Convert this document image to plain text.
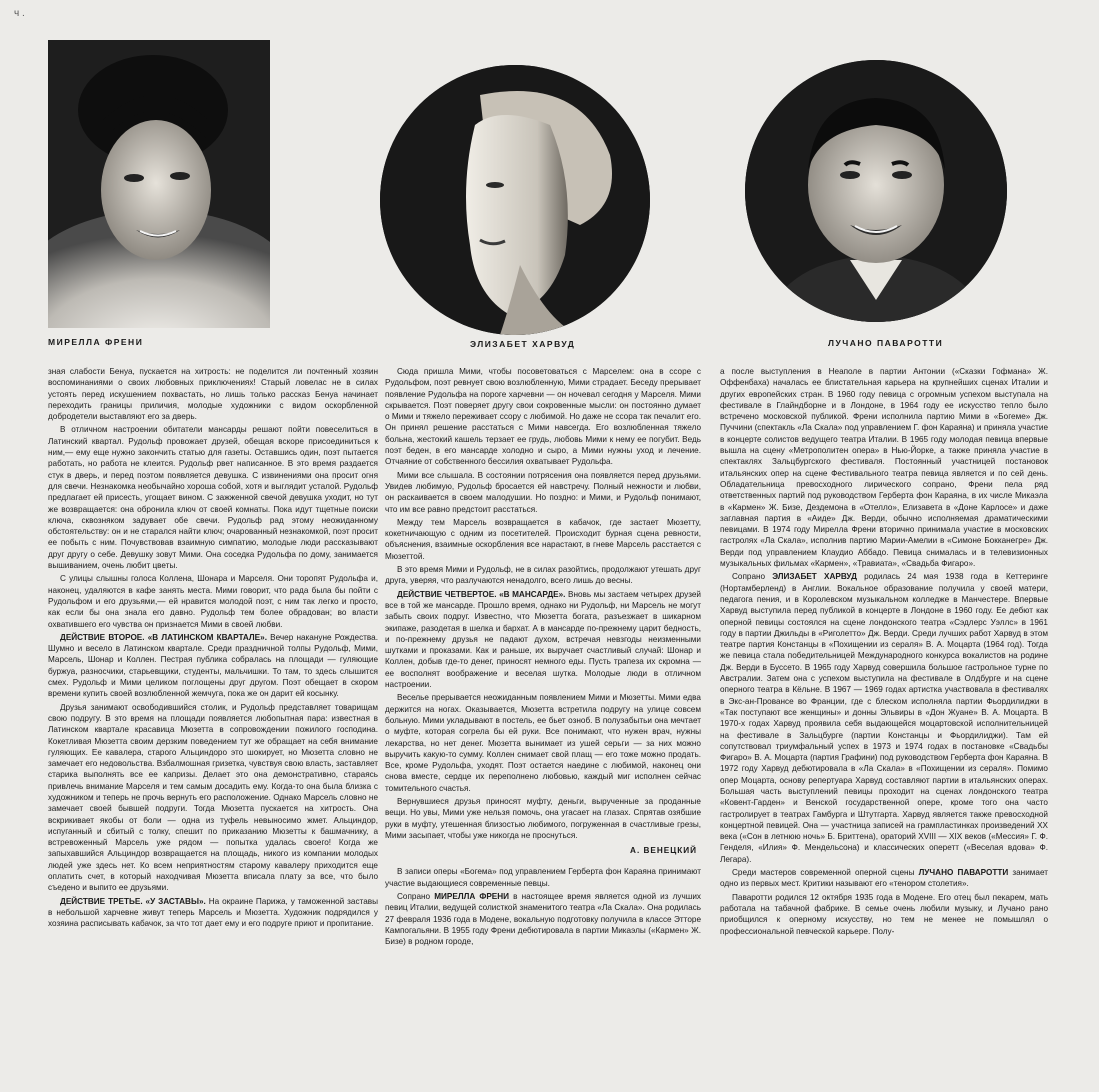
ч .
МИРЕЛЛА ФРЕНИ	ЭЛИЗАБЕТ ХАРВУД	ЛУЧАНО ПАВАРОТТИ

зная слабости Бенуа, пускается на хитрость: не поделится ли почтенный хозяин воспоминаниями о своих любовных приключениях! Старый ловелас не в силах устоять перед искушением похвастать, но лишь только рассказ Бенуа начинает переходить границы приличия, молодые художники с видом оскорбленной добродетели выставляют его за дверь.

В отличном настроении обитатели мансарды решают пойти повеселиться в Латинский квартал. Рудольф провожает друзей, обещая вскоре присоединиться к ним,— ему еще нужно закончить статью для газеты. Оставшись один, поэт пытается работать, но работа не клеится. Рудольф рвет написанное. В это время раздается стук в дверь, и перед поэтом появляется девушка. С извинениями она просит огня для свечи. Незнакомка необычайно хороша собой, хотя и выглядит усталой. Рудольф предлагает ей присесть, угощает вином. С зажженной свечой девушка уходит, но тут же возвращается: она обронила ключ от своей комнаты. Пока идут тщетные поиски ключа, сквозняком задувает обе свечи. Рудольф рад этому неожиданному обстоятельству: он и не старался найти ключ; очарованный незнакомкой, поэт просит ее побыть с ним. Почувствовав взаимную симпатию, молодые люди рассказывают друг другу о себе. Девушку зовут Мими. Она соседка Рудольфа по дому, занимается вышиванием, очень любит цветы.

С улицы слышны голоса Коллена, Шонара и Марселя. Они торопят Рудольфа и, наконец, удаляются в кафе занять места. Мими говорит, что рада была бы пойти с Рудольфом и его друзьями,— ей нравится молодой поэт, с ним так легко и просто, как если бы она знала его давно. Рудольф тем более обрадован; во власти охватившего его чувства он признается Мими в своей любви.

ДЕЙСТВИЕ ВТОРОЕ. «В ЛАТИНСКОМ КВАРТАЛЕ». Вечер накануне Рождества. Шумно и весело в Латинском квартале. Среди праздничной толпы Рудольф, Мими, Марсель, Шонар и Коллен. Пестрая публика собралась на площади — гуляющие буржуа, разносчики, старьевщики, студенты, мальчишки. То там, то здесь слышится смех. Рудольф и Мими целиком поглощены друг другом. Поэт обещает в скором времени купить своей возлюбленной жемчуга, пока же он дарит ей косынку.

Друзья занимают освободившийся столик, и Рудольф представляет товарищам свою подругу. В это время на площади появляется любопытная пара: известная в Латинском квартале красавица Мюзетта в сопровождении пожилого господина. Кокетливая Мюзетта своим дерзким поведением тут же обращает на себя внимание гуляющих. Ее кавалера, старого Альциндоро это шокирует, но Мюзетта словно не замечает его недовольства. Взбалмошная гризетка, чувствуя свою власть, заставляет старика выполнять все ее капризы. Делает это она демонстративно, стараясь привлечь внимание Марселя и тем самым досадить ему. Когда-то она была близка с художником и теперь не прочь вернуть его расположение. Однако Марсель словно не замечает своей бывшей подруги. Тогда Мюзетта пускается на хитрость. Она вскрикивает якобы от боли — одна из туфель невыносимо жмет. Альциндор, испуганный и сбитый с толку, спешит по приказанию Мюзетты к башмачнику, а встревоженный Марсель уже рядом — попытка удалась своего! Когда же запыхавшийся Альциндор возвращается на площадь, никого из компании молодых людей уже здесь нет. Ко всем неприятностям старому кавалеру приходится еще оплатить счет, в который находчивая Мюзетта вписала плату за все, что было съедено и выпито ее друзьями.

ДЕЙСТВИЕ ТРЕТЬЕ. «У ЗАСТАВЫ». На окраине Парижа, у таможенной заставы в небольшой харчевне живут теперь Марсель и Мюзетта. Художник подрядился у хозяина расписывать кабачок, за что тот дает ему и его подруге приют и пропитание.

Сюда пришла Мими, чтобы посоветоваться с Марселем: она в ссоре с Рудольфом, поэт ревнует свою возлюбленную, Мими страдает. Беседу прерывает появление Рудольфа на пороге харчевни — он ночевал сегодня у Марселя. Мими скрывается. Поэт поверяет другу свои сокровенные мысли: он постоянно думает о Мими и тяжело переживает ссору с любимой. Но даже не ссора так печалит его. Он принял решение расстаться с Мими навсегда. Его возлюбленная тяжело больна, жестокий кашель терзает ее грудь, любовь Мими к нему ее погубит. Ведь поэт беден, в его мансарде холодно и сыро, а Мими нужны уход и лечение. Отчаяние от собственного бессилия охватывает Рудольфа.

Мими все слышала. В состоянии потрясения она появляется перед друзьями. Увидев любимую, Рудольф бросается ей навстречу. Полный нежности и любви, он раскаивается в своем малодушии. Но поздно: и Мими, и Рудольф понимают, что им все равно предстоит расстаться.

Между тем Марсель возвращается в кабачок, где застает Мюзетту, кокетничающую с одним из посетителей. Происходит бурная сцена ревности, объяснения, взаимные оскорбления все нарастают, в гневе Марсель расстается с Мюзеттой.

В это время Мими и Рудольф, не в силах разойтись, продолжают утешать друг друга, уверяя, что разлучаются ненадолго, всего лишь до весны.

ДЕЙСТВИЕ ЧЕТВЕРТОЕ. «В МАНСАРДЕ». Вновь мы застаем четырех друзей все в той же мансарде. Прошло время, однако ни Рудольф, ни Марсель не могут забыть своих подруг. Известно, что Мюзетта богата, разъезжает в шикарном экипаже, разодетая в шелка и бархат. А в мансарде по-прежнему царит бедность, и по-прежнему друзья не падают духом, встречая невзгоды неизменными шутками и проказами. Как и раньше, их выручает счастливый случай: Шонар и Коллен, добыв где-то денег, приносят немного еды. Пусть трапеза их скромна — ее восполнят воображение и веселая шутка. Молодые люди в отличном настроении.

Веселье прерывается неожиданным появлением Мими и Мюзетты. Мими едва держится на ногах. Оказывается, Мюзетта встретила подругу на улице совсем больную. Мими укладывают в постель, ее бьет озноб. В полузабытьи она мечтает о муфте, которая согрела бы ей руки. Все понимают, что нужен врач, нужны лекарства, но нет денег. Мюзетта вынимает из ушей серьги — за них можно выручить какую-то сумму. Коллен снимает свой плащ — его тоже можно продать. Все, кроме Рудольфа, уходят. Поэт остается наедине с любимой, наконец они снова вместе, сердце их переполнено любовью, каждый миг исполнен сейчас томительного счастья.

Вернувшиеся друзья приносят муфту, деньги, вырученные за проданные вещи. Но увы, Мими уже нельзя помочь, она угасает на глазах. Спрятав озябшие руки в муфту, утешенная близостью любимого, погруженная в счастливые грезы, Мими засыпает, чтобы уже никогда не проснуться.

А. ВЕНЕЦКИЙ

В записи оперы «Богема» под управлением Герберта фон Караяна принимают участие выдающиеся современные певцы.

Сопрано МИРЕЛЛА ФРЕНИ в настоящее время является одной из лучших певиц Италии, ведущей солисткой знаменитого театра «Ла Скала». Она родилась 27 февраля 1936 года в Модене, вокальную подготовку получила в классе Этторе Кампогальяни. В 1955 году Френи дебютировала в партии Микаэлы («Кармен» Ж. Бизе) в родном городе,

а после выступления в Неаполе в партии Антонии («Сказки Гофмана» Ж. Оффенбаха) началась ее блистательная карьера на крупнейших сценах Италии и других европейских стран. В 1960 году певица с огромным успехом выступала на фестивале в Глайндборне и в Лондоне, в 1964 году ее искусство тепло было встречено московской публикой. Френи исполнила партию Мими в «Богеме» Дж. Пуччини (спектакль «Ла Скала» под управлением Г. фон Караяна) и приняла участие в концерте солистов ведущего театра Италии. В 1965 году молодая певица впервые вышла на сцену «Метрополитен опера» в Нью-Йорке, а также приняла участие в спектаклях Зальцбургского фестиваля. Постоянный участницей постановок итальянских опер на сцене Фестивального театра певица является и по сей день. Обладательница превосходного лирического сопрано, Френи пела ряд ответственных партий под руководством Герберта фон Караяна, в их числе Микаэла в «Кармен» Ж. Бизе, Дездемона в «Отелло», Елизавета в «Доне Карлосе» и даже заглавная партия в «Аиде» Дж. Верди, обычно исполняемая драматическими певицами. В 1974 году Мирелла Френи вторично принимала участие в московских гастролях «Ла Скала», исполнив партию Марии-Амелии в «Симоне Бокканегре» Дж. Верди под управлением Клаудио Аббадо. Певица снималась и в телевизионных музыкальных фильмах «Кармен», «Травиата», «Свадьба Фигаро».

Сопрано ЭЛИЗАБЕТ ХАРВУД родилась 24 мая 1938 года в Кеттеринге (Нортамберленд) в Англии. Вокальное образование получила у своей матери, педагога пения, и в Королевском музыкальном колледже в Манчестере. Впервые Харвуд выступила перед публикой в концерте в Лондоне в 1960 году. Ее дебют как оперной певицы состоялся на сцене лондонского театра «Сэдлерс Уэллс» в 1961 году в партии Джильды в «Риголетто» Дж. Верди. Среди лучших работ Харвуд в этом театре партия Констанцы в «Похищении из сераля» В. А. Моцарта (1964 год). Тогда же певица стала победительницей Международного конкурса вокалистов на родине Дж. Верди в Буссето. В 1965 году Харвуд совершила большое гастрольное турне по Австралии. Затем она с успехом выступила на фестивале в Олдбурге и на сцене оперного театра в Кёльне. В 1967 — 1969 годах артистка участвовала в фестивалях в Экс-ан-Провансе во Франции, где с блеском исполняла партии Фьордилиджи в «Так поступают все женщины» и донны Эльвиры в «Дон Жуане» В. А. Моцарта. В 1970-х годах Харвуд проявила себя выдающейся моцартовской исполнительницей на фестивале в Зальцбурге (партии Констанцы и Фьордилиджи). Там ей сопутствовал триумфальный успех в 1973 и 1974 годах в постановке «Свадьбы Фигаро» В. А. Моцарта (партия Графини) под руководством Герберта фон Караяна. В 1972 году Харвуд дебютировала в «Ла Скала» в «Похищении из сераля». Помимо опер Моцарта, основу репертуара Харвуд составляют партии в итальянских операх. Большая часть выступлений певицы проходит на сценах лондонского театра «Ковент-Гарден» и Венской государственной опере, кроме того она часто гастролирует в театрах Гамбурга и Штутгарта. Харвуд является также превосходной концертной певицей. Она — участница записей на грампластинках произведений XX века («Сон в летнюю ночь» Б. Бриттена), ораторий XVIII — XIX веков («Мессия» Г. Ф. Генделя, «Илия» Ф. Мендельсона) и классических оперетт («Веселая вдова» Ф. Легара).

Среди мастеров современной оперной сцены ЛУЧАНО ПАВАРОТТИ занимает одно из первых мест. Критики называют его «тенором столетия».

Паваротти родился 12 октября 1935 года в Модене. Его отец был пекарем, мать работала на табачной фабрике. В семье очень любили музыку, и Лучано рано приобщился к оперному искусству, но тем не менее не помышлял о профессиональной певческой карьере. Полу-
